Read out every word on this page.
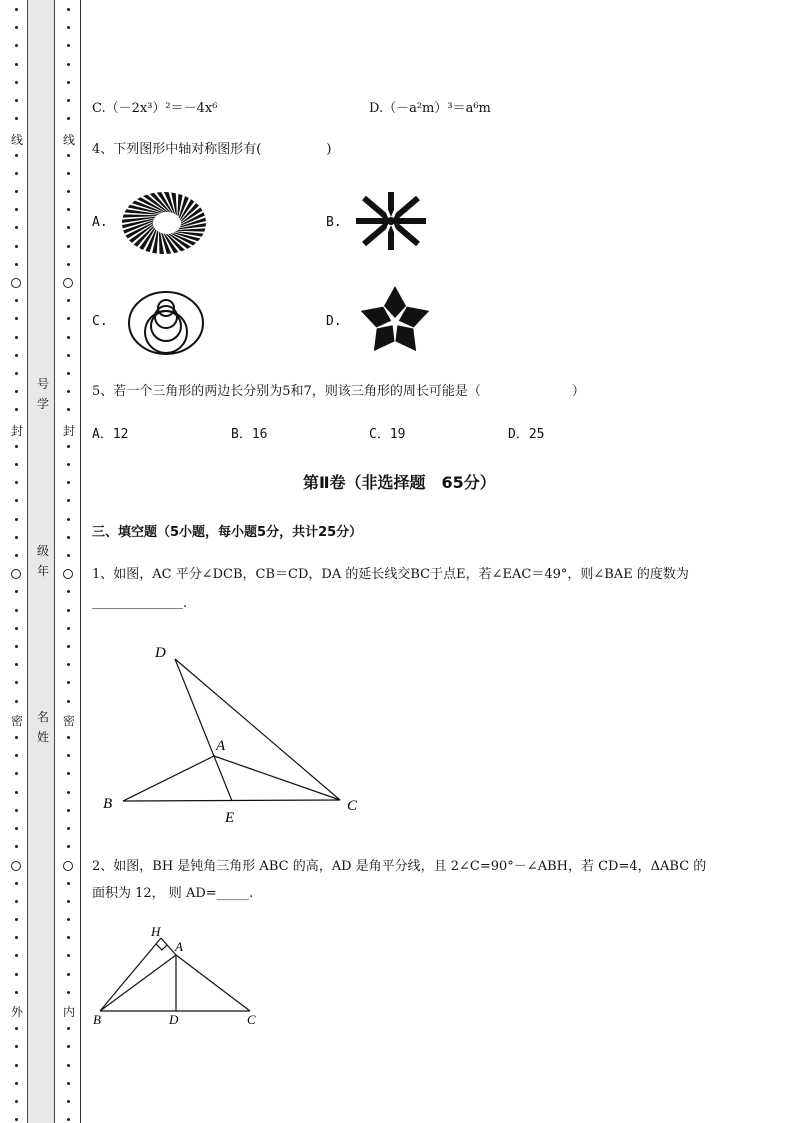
线
封
密
外
线
封
密
内
号
学
级
年
名
姓
C.（－2x³）²＝－4x⁶	D.（－a²m）³＝a⁶m
4、下列图形中轴对称图形有(　　　　　)
A.	B.
C.	D.
5、若一个三角形的两边长分别为5和7，则该三角形的周长可能是（　　　　　　　）
A．12	B．16	C．19	D．25
第Ⅱ卷（非选择题　65分）
三、填空题（5小题，每小题5分，共计25分）
1、如图，AC 平分∠DCB，CB＝CD，DA 的延长线交BC于点E，若∠EAC＝49°，则∠BAE 的度数为
＿＿＿＿＿＿＿.
D
A
B
E
C
2、如图，BH 是钝角三角形 ABC 的高，AD 是角平分线，且 2∠C=90°－∠ABH，若 CD=4，ΔABC 的
面积为 12， 则 AD=_____.
H
A
B	D	C
